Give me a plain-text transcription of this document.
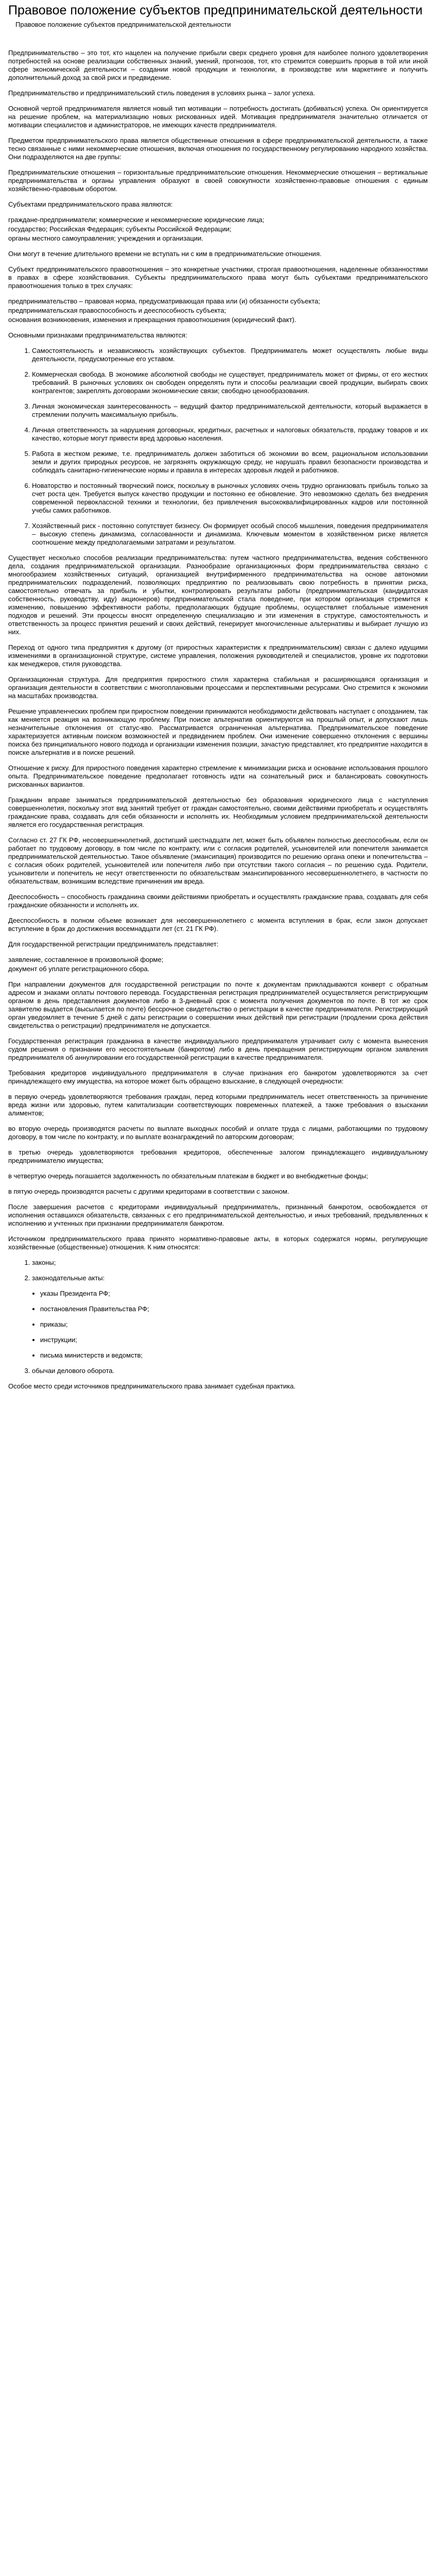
Правовое положение субъектов предпринимательской деятельности
Правовое положение субъектов предпринимательской деятельности

Предпринимательство – это тот, кто нацелен на получение прибыли сверх среднего уровня для наиболее полного удовлетворения потребностей на основе реализации собственных знаний, умений, прогнозов, тот, кто стремится совершить прорыв в той или иной сфере экономической деятельности – создании новой продукции и технологии, в производстве или маркетинге и получить дополнительный доход за свой риск и предвидение.

Предпринимательство и предпринимательский стиль поведения в условиях рынка – залог успеха.

Основной чертой предпринимателя является новый тип мотивации – потребность достигать (добиваться) успеха. Он ориентируется на решение проблем, на материализацию новых рискованных идей. Мотивация предпринимателя значительно отличается от мотивации специалистов и администраторов, не имеющих качеств предпринимателя.

Предметом предпринимательского права является общественные отношения в сфере предпринимательской деятельности, а также тесно связанные с ними некоммерческие отношения, включая отношения по государственному регулированию народного хозяйства. Они подразделяются на две группы:

Предпринимательские отношения – горизонтальные предпринимательские отношения. Некоммерческие отношения – вертикальные предпринимательства и органы управления образуют в своей совокупности хозяйственно-правовые отношения с единым хозяйственно-правовым оборотом.

Субъектами предпринимательского права являются:

граждане-предприниматели; коммерческие и некоммерческие юридические лица;

государство; Российская Федерация; субъекты Российской Федерации;

органы местного самоуправления; учреждения и организации.

Они могут в течение длительного времени не вступать ни с ким в предпринимательские отношения.

Субъект предпринимательского правоотношения – это конкретные участники, строгая правоотношения, наделенные обязанностями в правах в сфере хозяйствования. Субъекты предпринимательского права могут быть субъектами предпринимательского правоотношения только в трех случаях:

предпринимательство – правовая норма, предусматривающая права или (и) обязанности субъекта;

предпринимательская правоспособность и дееспособность субъекта;

основания возникновения, изменения и прекращения правоотношения (юридический факт).

Основными признаками предпринимательства являются:

1. Самостоятельность и независимость хозяйствующих субъектов. Предприниматель может осуществлять любые виды деятельности, предусмотренные его уставом.
2. Коммерческая свобода. В экономике абсолютной свободы не существует, предприниматель может от фирмы, от его жестких требований. В рыночных условиях он свободен определять пути и способы реализации своей продукции, выбирать своих контрагентов; закреплять договорами экономические связи; свободно ценообразования.
3. Личная экономическая заинтересованность – ведущий фактор предпринимательской деятельности, который выражается в стремлении получить максимальную прибыль.
4. Личная ответственность за нарушения договорных, кредитных, расчетных и налоговых обязательств, продажу товаров и их качество, которые могут привести вред здоровью населения.
5. Работа в жестком режиме, т.е. предприниматель должен заботиться об экономии во всем, рациональном использовании земли и других природных ресурсов, не загрязнять окружающую среду, не нарушать правил безопасности производства и соблюдать санитарно-гигиенические нормы и правила в интересах здоровья людей и работников.
6. Новаторство и постоянный творческий поиск, поскольку в рыночных условиях очень трудно организовать прибыль только за счет роста цен. Требуется выпуск качество продукции и постоянно ее обновление. Это невозможно сделать без внедрения современной первоклассной техники и технологии, без привлечения высококвалифицированных кадров или постоянной учебы самих работников.
7. Хозяйственный риск - постоянно сопутствует бизнесу. Он формирует особый способ мышления, поведения предпринимателя – высокую степень динамизма, согласованности и динамизма. Ключевым моментом в хозяйственном риске является соотношение между предполагаемыми затратами и результатом.

Существует несколько способов реализации предпринимательства: путем частного предпринимательства, ведения собственного дела, создания предпринимательской организации. Разнообразие организационных форм предпринимательства связано с многообразием хозяйственных ситуаций, организацией внутрифирменного предпринимательства на основе автономии предпринимательских подразделений, позволяющих предприятию по реализовывать свою потребность в принятии риска, самостоятельно отвечать за прибыль и убытки, контролировать результаты работы (предпринимательская (кандидатская собственность, руководству, иду) акционеров) предпринимательской стала поведение, при котором организация стремится к изменению, повышению эффективности работы, предполагающих будущие проблемы, осуществляет глобальные изменения подходов и решений. Эти процессы вносят определенную специализацию и эти изменения в структуре, самостоятельность и ответственность за процесс принятия решений и своих действий, генерирует многочисленные альтернативы и выбирает лучшую из них.

Переход от одного типа предприятия к другому (от приростных характеристик к предпринимательским) связан с далеко идущими изменениями в организационной структуре, системе управления, положения руководителей и специалистов, уровне их подготовки как менеджеров, стиля руководства.

Организационная структура. Для предприятия приростного стиля характерна стабильная и расширяющаяся организация и организация деятельности в соответствии с многоплановыми процессами и перспективными ресурсами. Оно стремится к экономии на масштабах производства.

Решение управленческих проблем при приростном поведении принимаются необходимости действовать наступает с опозданием, так как меняется реакция на возникающую проблему. При поиске альтернатив ориентируются на прошлый опыт, и допускают лишь незначительные отклонения от статус-кво. Рассматривается ограниченная альтернатива. Предпринимательское поведение характеризуется активным поиском возможностей и предвидением проблем. Они изменение совершенно отклонения с вершины поиска без принципиального нового подхода и организации изменения позиции, зачастую представляет, кто предприятие находится в поиске альтернатив и в поиске решений.

Отношение к риску. Для приростного поведения характерно стремление к минимизации риска и основание использования прошлого опыта. Предпринимательское поведение предполагает готовность идти на сознательный риск и балансировать совокупность рискованных вариантов.

Гражданин вправе заниматься предпринимательской деятельностью без образования юридического лица с наступления совершеннолетия, поскольку этот вид занятий требует от граждан самостоятельно, своими действиями приобретать и осуществлять гражданские права, создавать для себя обязанности и исполнять их. Необходимым условием предпринимательской деятельности является его государственная регистрация.

Согласно ст. 27 ГК РФ, несовершеннолетний, достигший шестнадцати лет, может быть объявлен полностью дееспособным, если он работает по трудовому договору, в том числе по контракту, или с согласия родителей, усыновителей или попечителя занимается предпринимательской деятельностью. Такое объявление (эмансипация) производится по решению органа опеки и попечительства – с согласия обоих родителей, усыновителей или попечителя либо при отсутствии такого согласия – по решению суда. Родители, усыновители и попечитель не несут ответственности по обязательствам эмансипированного несовершеннолетнего, в частности по обязательствам, возникшим вследствие причинения им вреда.

Дееспособность – способность гражданина своими действиями приобретать и осуществлять гражданские права, создавать для себя гражданские обязанности и исполнять их.

Дееспособность в полном объеме возникает для несовершеннолетнего с момента вступления в брак, если закон допускает вступление в брак до достижения восемнадцати лет (ст. 21 ГК РФ).

Для государственной регистрации предприниматель представляет:

заявление, составленное в произвольной форме;

документ об уплате регистрационного сбора.

При направлении документов для государственной регистрации по почте к документам прикладываются конверт с обратным адресом и знаками оплаты почтового перевода. Государственная регистрация предпринимателей осуществляется регистрирующим органом в день представления документов либо в 3-дневный срок с момента получения документов по почте. В тот же срок заявителю выдается (высылается по почте) бессрочное свидетельство о регистрации в качестве предпринимателя. Регистрирующий орган уведомляет в течение 5 дней с даты регистрации о совершении иных действий при регистрации (продлении срока действия свидетельства о регистрации) предпринимателя не допускается.

Государственная регистрация гражданина в качестве индивидуального предпринимателя утрачивает силу с момента вынесения судом решения о признании его несостоятельным (банкротом) либо в день прекращения регистрирующим органом заявления предпринимателя об аннулировании его государственной регистрации в качестве предпринимателя.

Требования кредиторов индивидуального предпринимателя в случае признания его банкротом удовлетворяются за счет принадлежащего ему имущества, на которое может быть обращено взыскание, в следующей очередности:

в первую очередь удовлетворяются требования граждан, перед которыми предприниматель несет ответственность за причинение вреда жизни или здоровью, путем капитализации соответствующих повременных платежей, а также требования о взыскании алиментов;

во вторую очередь производятся расчеты по выплате выходных пособий и оплате труда с лицами, работающими по трудовому договору, в том числе по контракту, и по выплате вознаграждений по авторским договорам;

в третью очередь удовлетворяются требования кредиторов, обеспеченные залогом принадлежащего индивидуальному предпринимателю имущества;

в четвертую очередь погашается задолженность по обязательным платежам в бюджет и во внебюджетные фонды;

в пятую очередь производятся расчеты с другими кредиторами в соответствии с законом.

После завершения расчетов с кредиторами индивидуальный предприниматель, признанный банкротом, освобождается от исполнения оставшихся обязательств, связанных с его предпринимательской деятельностью, и иных требований, предъявленных к исполнению и учтенных при признании предпринимателя банкротом.

Источником предпринимательского права принято нормативно-правовые акты, в которых содержатся нормы, регулирующие хозяйственные (общественные) отношения. К ним относятся:

1. законы;
2. законодательные акты:
• указы Президента РФ;
• постановления Правительства РФ;
• приказы;
• инструкции;
• письма министерств и ведомств;
3. обычаи делового оборота.

Особое место среди источников предпринимательского права занимает судебная практика.
